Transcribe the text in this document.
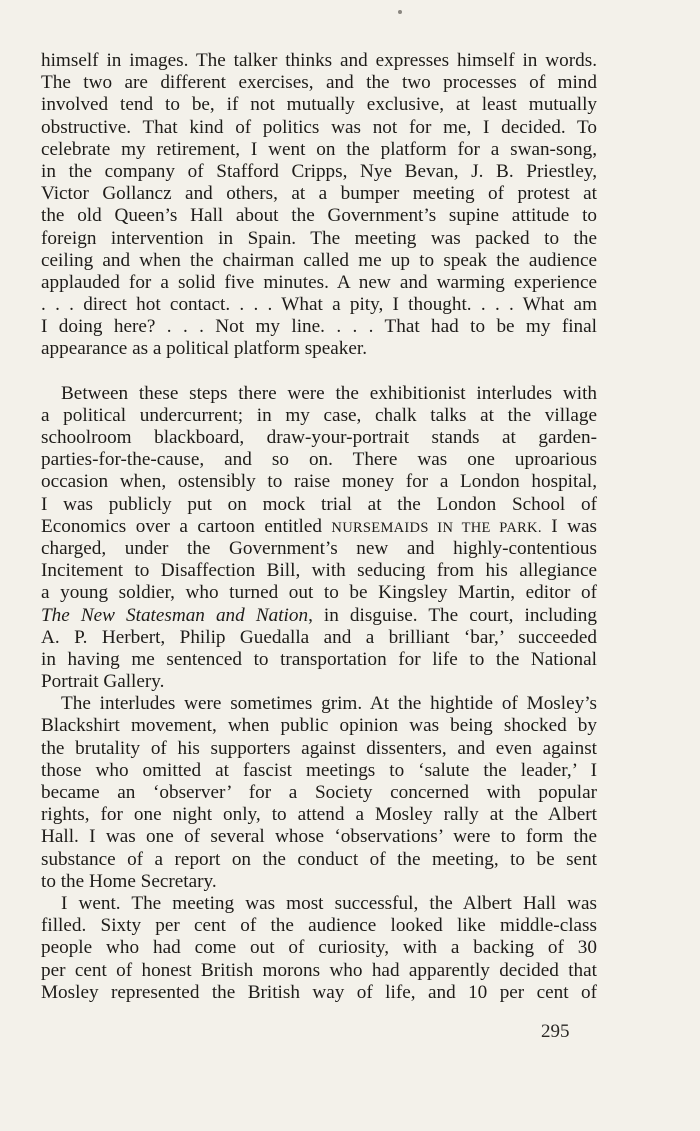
himself in images. The talker thinks and expresses himself in words.
The two are different exercises, and the two processes of mind
involved tend to be, if not mutually exclusive, at least mutually
obstructive. That kind of politics was not for me, I decided. To
celebrate my retirement, I went on the platform for a swan-song,
in the company of Stafford Cripps, Nye Bevan, J. B. Priestley,
Victor Gollancz and others, at a bumper meeting of protest at
the old Queen’s Hall about the Government’s supine attitude to
foreign intervention in Spain. The meeting was packed to the
ceiling and when the chairman called me up to speak the audience
applauded for a solid five minutes. A new and warming experience
. . . direct hot contact. . . . What a pity, I thought. . . . What am
I doing here? . . . Not my line. . . . That had to be my final
appearance as a political platform speaker.
Between these steps there were the exhibitionist interludes with
a political undercurrent; in my case, chalk talks at the village
schoolroom blackboard, draw-your-portrait stands at garden-
parties-for-the-cause, and so on. There was one uproarious
occasion when, ostensibly to raise money for a London hospital,
I was publicly put on mock trial at the London School of
Economics over a cartoon entitled NURSEMAIDS IN THE PARK. I was
charged, under the Government’s new and highly-contentious
Incitement to Disaffection Bill, with seducing from his allegiance
a young soldier, who turned out to be Kingsley Martin, editor of
The New Statesman and Nation, in disguise. The court, including
A. P. Herbert, Philip Guedalla and a brilliant ‘bar,’ succeeded
in having me sentenced to transportation for life to the National
Portrait Gallery.
The interludes were sometimes grim. At the hightide of Mosley’s
Blackshirt movement, when public opinion was being shocked by
the brutality of his supporters against dissenters, and even against
those who omitted at fascist meetings to ‘salute the leader,’ I
became an ‘observer’ for a Society concerned with popular
rights, for one night only, to attend a Mosley rally at the Albert
Hall. I was one of several whose ‘observations’ were to form the
substance of a report on the conduct of the meeting, to be sent
to the Home Secretary.
I went. The meeting was most successful, the Albert Hall was
filled. Sixty per cent of the audience looked like middle-class
people who had come out of curiosity, with a backing of 30
per cent of honest British morons who had apparently decided that
Mosley represented the British way of life, and 10 per cent of
295
